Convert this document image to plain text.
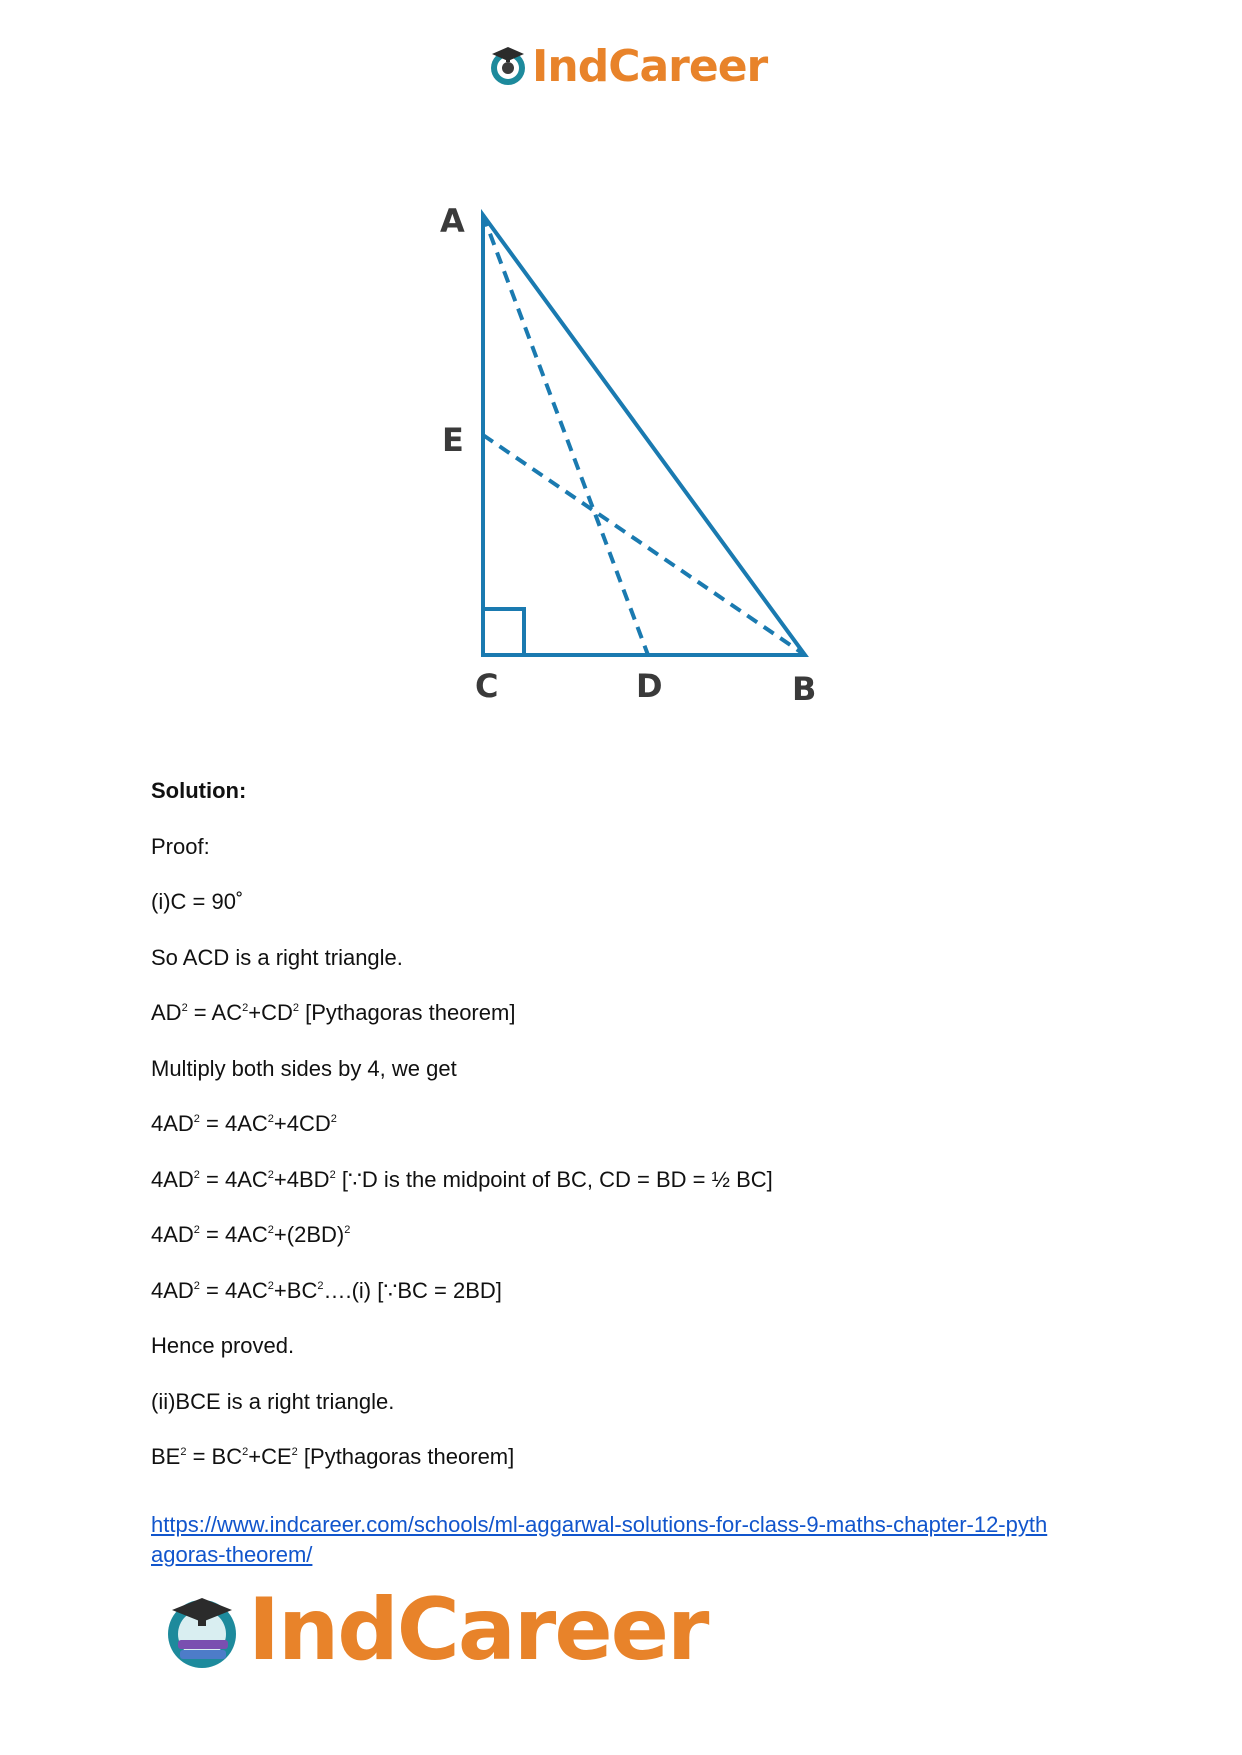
IndCareer
A
E
C	D	B

Solution:

Proof:

(i)C = 90˚

So ACD is a right triangle.

$AD^2 = AC^2+CD^2$ [Pythagoras theorem]

Multiply both sides by 4, we get

$4AD^2 = 4AC^2+4CD^2$

$4AD^2 = 4AC^2+4BD^2$ [∵D is the midpoint of BC, CD = BD = ½ BC]

$4AD^2 = 4AC^2+(2BD)^2$

$4AD^2$ = $4AC^2+BC^2\dots.(i)$ [∵BC = 2BD]

Hence proved.

(ii)BCE is a right triangle.

$BE^2 = BC^2+CE^2$ [Pythagoras theorem]

https://www.indcareer.com/schools/ml-aggarwal-solutions-for-class-9-maths-chapter-12-pyth
agoras-theorem/
IndCareer
